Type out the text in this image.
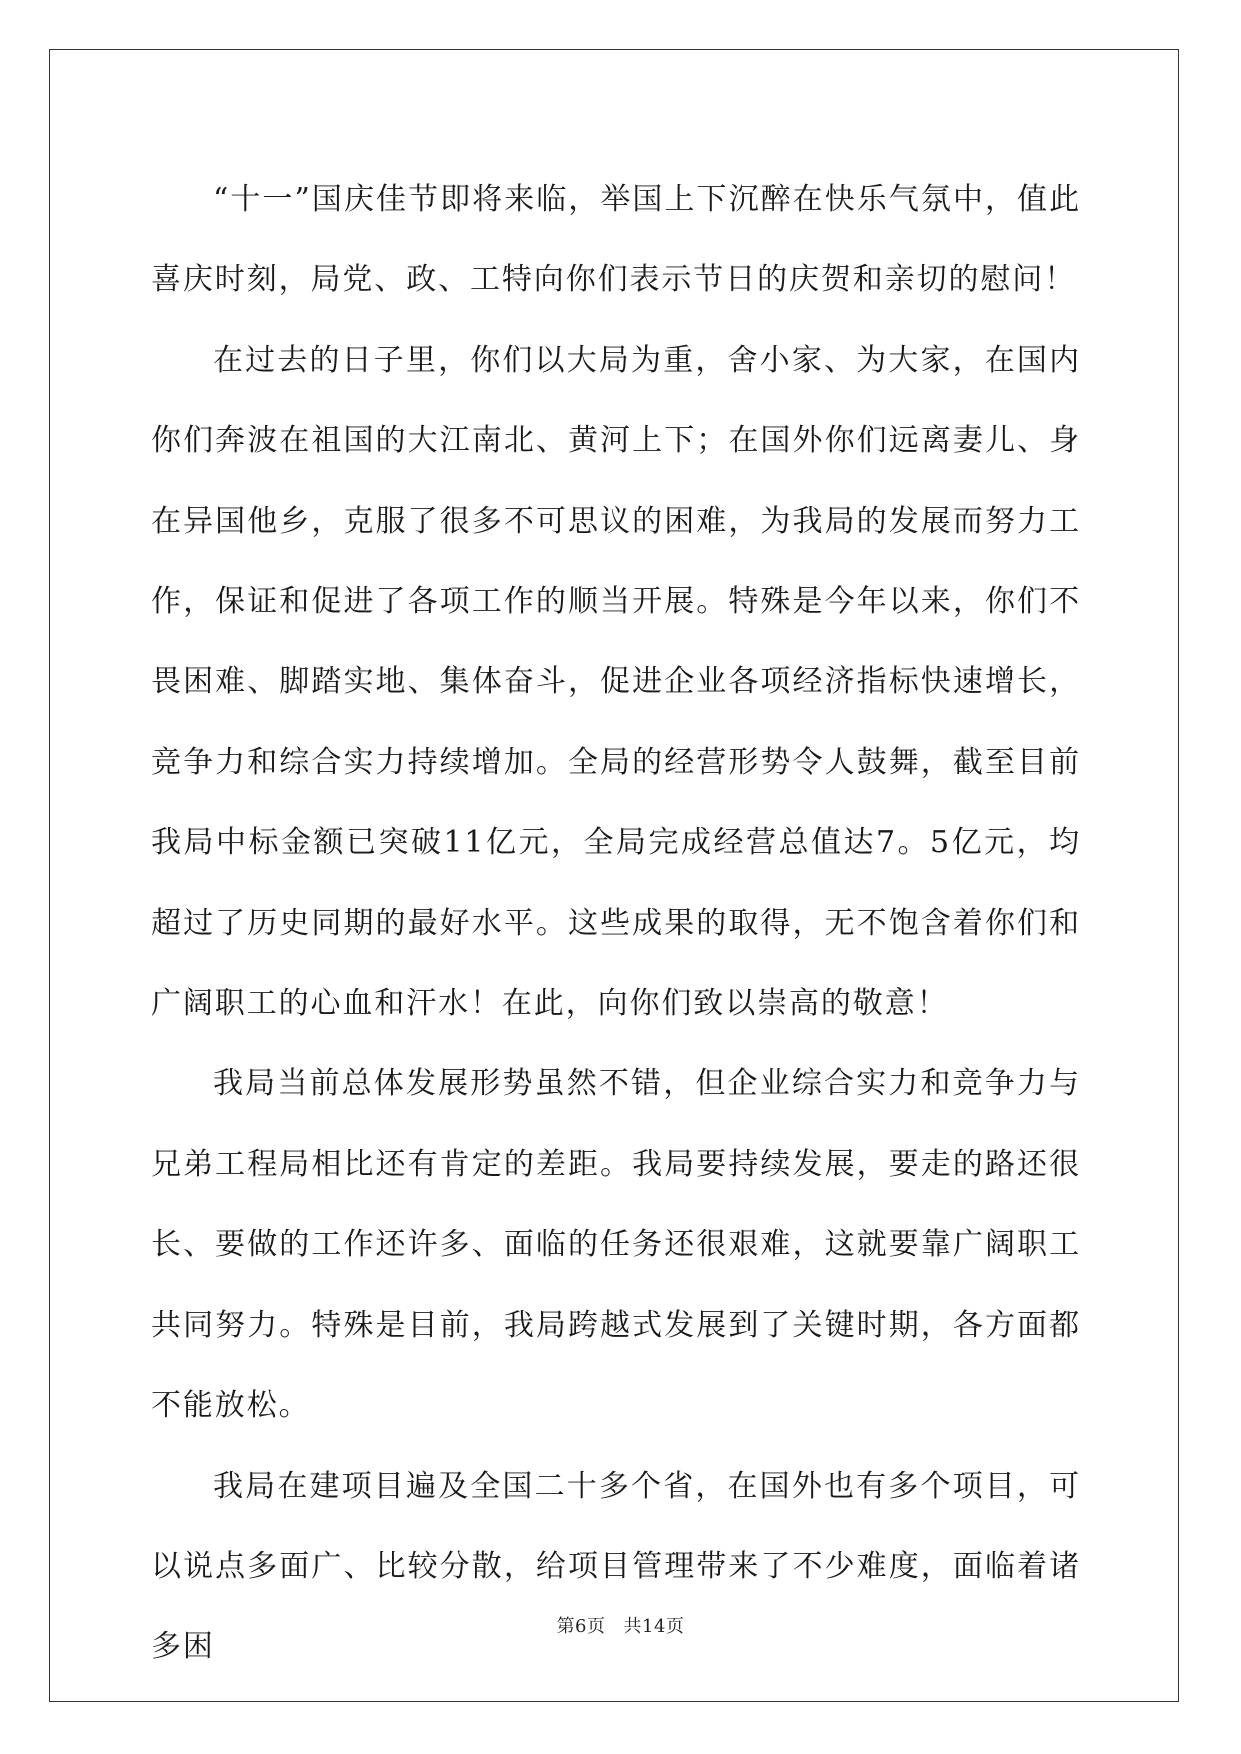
“十一”国庆佳节即将来临，举国上下沉醉在快乐气氛中，值此喜庆时刻，局党、政、工特向你们表示节日的庆贺和亲切的慰问！

在过去的日子里，你们以大局为重，舍小家、为大家，在国内你们奔波在祖国的大江南北、黄河上下；在国外你们远离妻儿、身在异国他乡，克服了很多不可思议的困难，为我局的发展而努力工作，保证和促进了各项工作的顺当开展。特殊是今年以来，你们不畏困难、脚踏实地、集体奋斗，促进企业各项经济指标快速增长，竞争力和综合实力持续增加。全局的经营形势令人鼓舞，截至目前我局中标金额已突破11亿元，全局完成经营总值达7。5亿元，均超过了历史同期的最好水平。这些成果的取得，无不饱含着你们和广阔职工的心血和汗水！在此，向你们致以崇高的敬意！

我局当前总体发展形势虽然不错，但企业综合实力和竞争力与兄弟工程局相比还有肯定的差距。我局要持续发展，要走的路还很长、要做的工作还许多、面临的任务还很艰难，这就要靠广阔职工共同努力。特殊是目前，我局跨越式发展到了关键时期，各方面都不能放松。

我局在建项目遍及全国二十多个省，在国外也有多个项目，可以说点多面广、比较分散，给项目管理带来了不少难度，面临着诸多困

第6页 共14页
